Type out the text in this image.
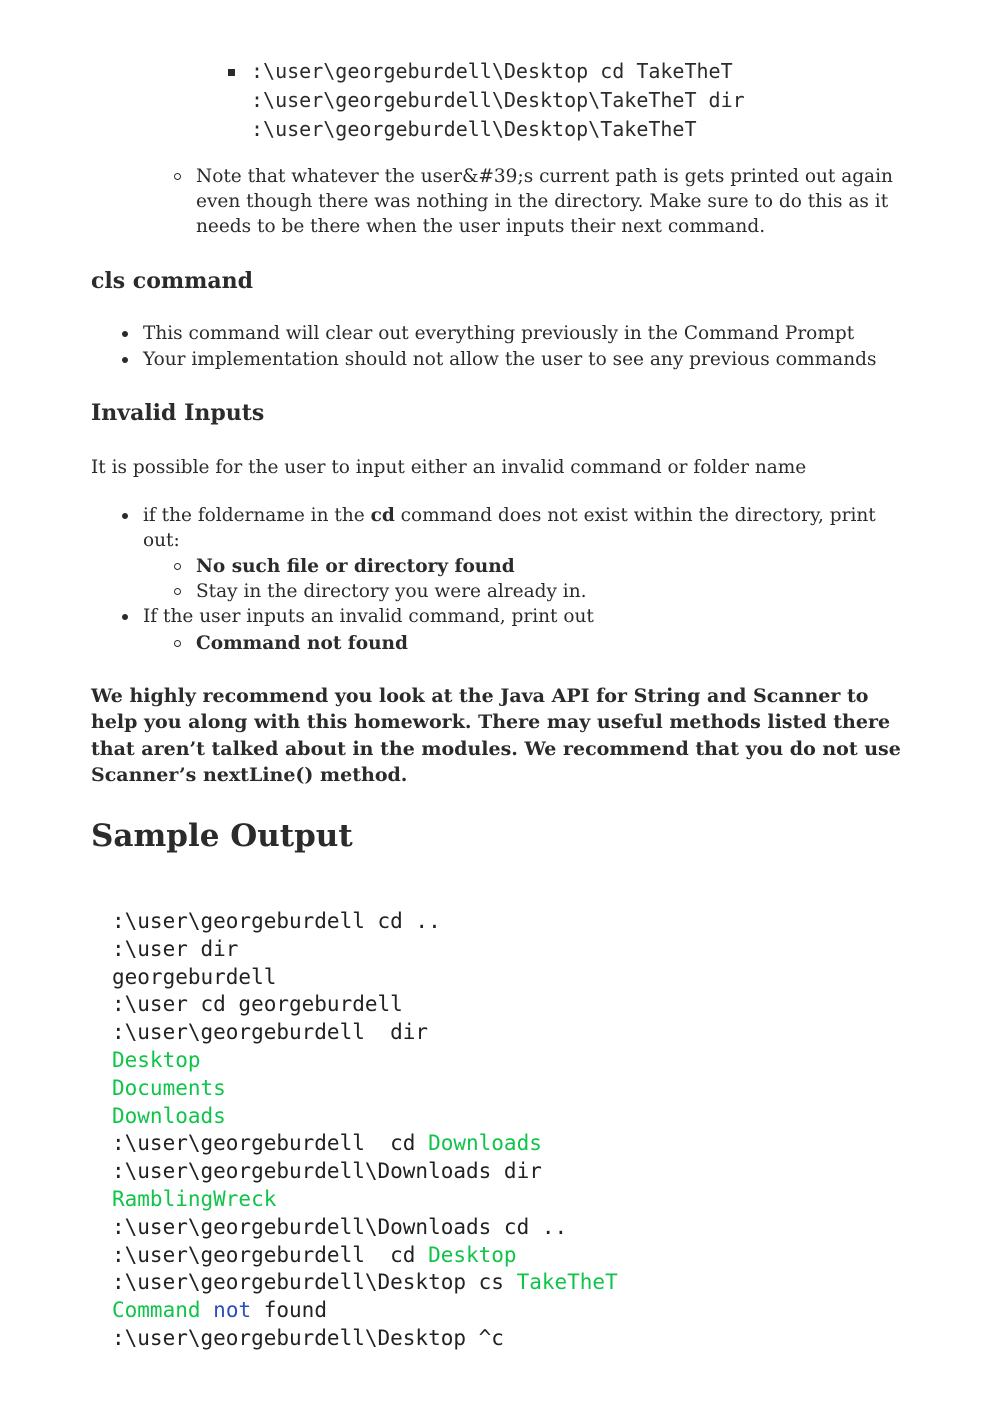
:\user\georgeburdell\Desktop cd TakeTheT
:\user\georgeburdell\Desktop\TakeTheT dir
:\user\georgeburdell\Desktop\TakeTheT
Note that whatever the user&#39;s current path is gets printed out again
even though there was nothing in the directory. Make sure to do this as it
needs to be there when the user inputs their next command.
cls command
This command will clear out everything previously in the Command Prompt
Your implementation should not allow the user to see any previous commands
Invalid Inputs
It is possible for the user to input either an invalid command or folder name
if the foldername in the cd command does not exist within the directory, print
out:
No such file or directory found
Stay in the directory you were already in.
If the user inputs an invalid command, print out
Command not found
We highly recommend you look at the Java API for String and Scanner to
help you along with this homework. There may useful methods listed there
that aren’t talked about in the modules. We recommend that you do not use
Scanner’s nextLine() method.
Sample Output
:\user\georgeburdell cd ..
:\user dir
georgeburdell
:\user cd georgeburdell
:\user\georgeburdell  dir
Desktop
Documents
Downloads
:\user\georgeburdell  cd Downloads
:\user\georgeburdell\Downloads dir
RamblingWreck
:\user\georgeburdell\Downloads cd ..
:\user\georgeburdell  cd Desktop
:\user\georgeburdell\Desktop cs TakeTheT
Command not found
:\user\georgeburdell\Desktop ^c
